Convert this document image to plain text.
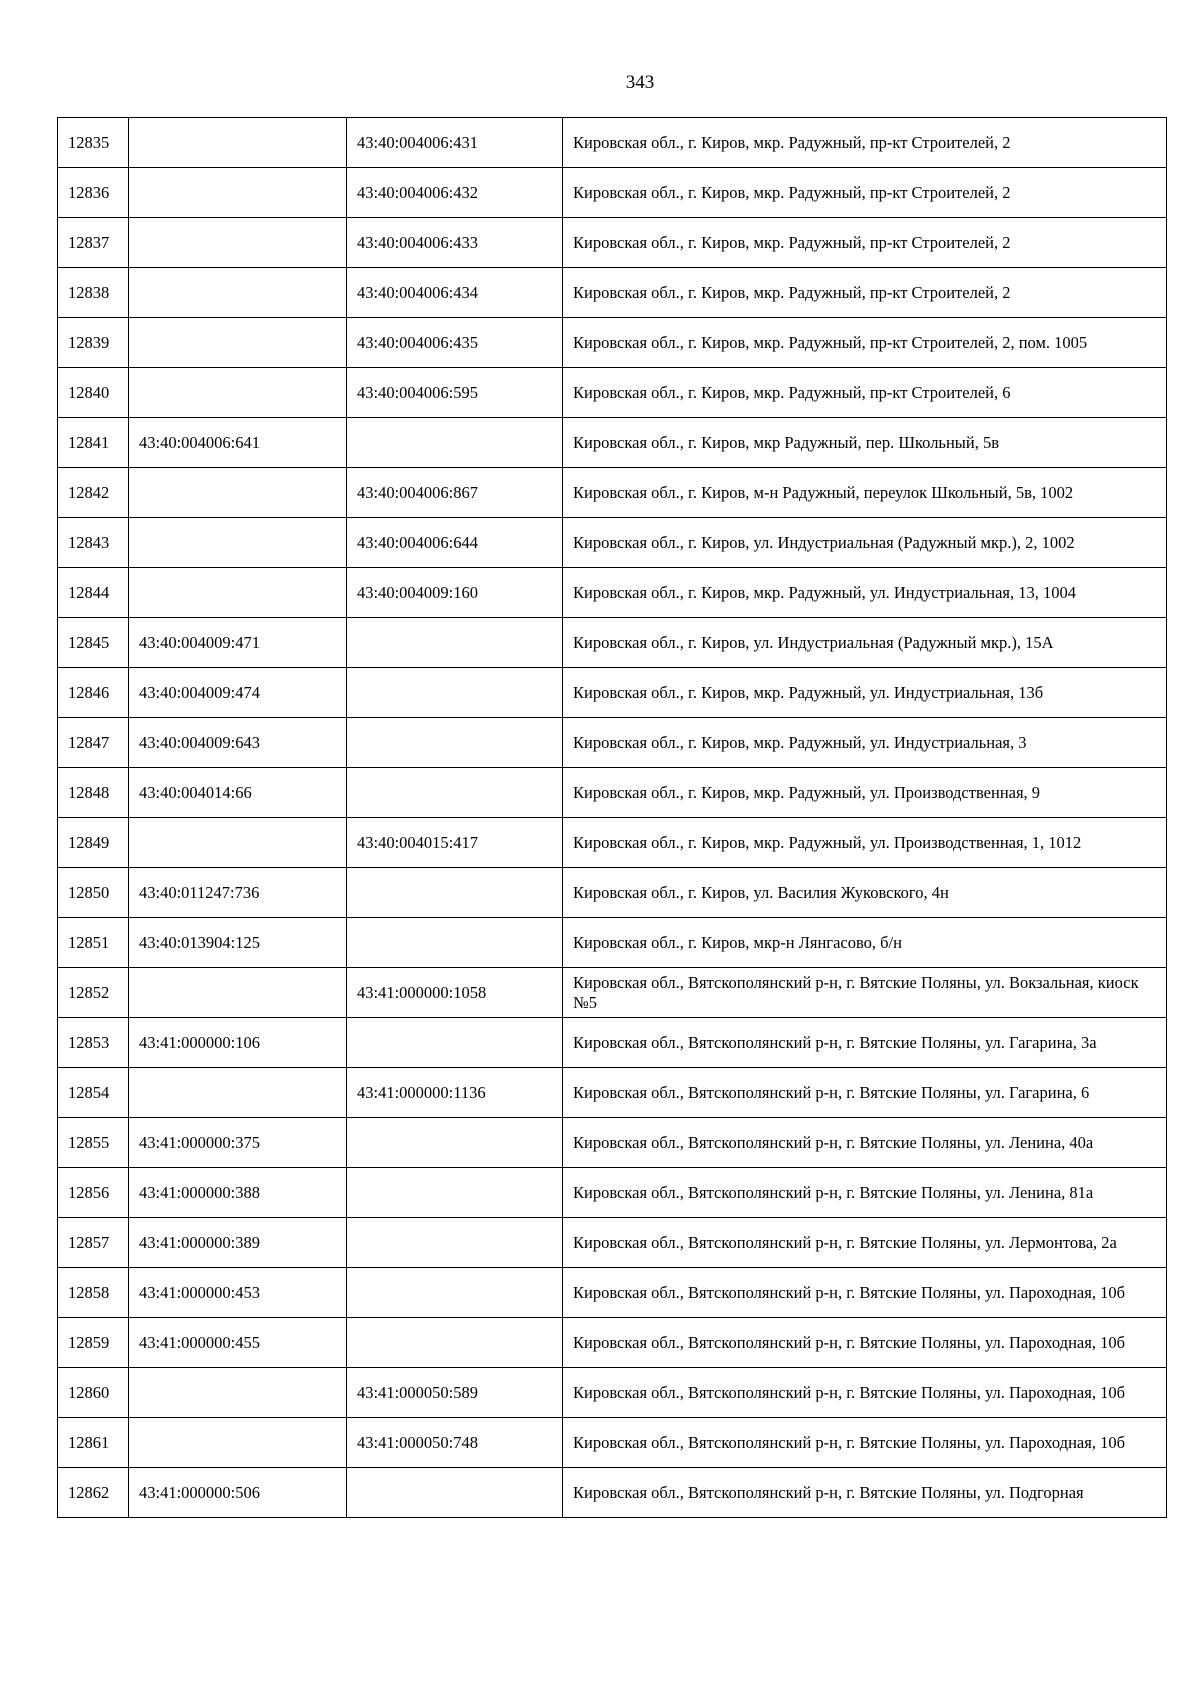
343
12835		43:40:004006:431	Кировская обл., г. Киров, мкр. Радужный, пр-кт Строителей, 2
12836		43:40:004006:432	Кировская обл., г. Киров, мкр. Радужный, пр-кт Строителей, 2
12837		43:40:004006:433	Кировская обл., г. Киров, мкр. Радужный, пр-кт Строителей, 2
12838		43:40:004006:434	Кировская обл., г. Киров, мкр. Радужный, пр-кт Строителей, 2
12839		43:40:004006:435	Кировская обл., г. Киров, мкр. Радужный, пр-кт Строителей, 2, пом. 1005
12840		43:40:004006:595	Кировская обл., г. Киров, мкр. Радужный, пр-кт Строителей, 6
12841	43:40:004006:641		Кировская обл., г. Киров, мкр Радужный, пер. Школьный, 5в
12842		43:40:004006:867	Кировская обл., г. Киров, м-н Радужный, переулок Школьный, 5в, 1002
12843		43:40:004006:644	Кировская обл., г. Киров, ул. Индустриальная (Радужный мкр.), 2, 1002
12844		43:40:004009:160	Кировская обл., г. Киров, мкр. Радужный, ул. Индустриальная, 13, 1004
12845	43:40:004009:471		Кировская обл., г. Киров, ул. Индустриальная (Радужный мкр.), 15А
12846	43:40:004009:474		Кировская обл., г. Киров, мкр. Радужный, ул. Индустриальная, 13б
12847	43:40:004009:643		Кировская обл., г. Киров, мкр. Радужный, ул. Индустриальная, 3
12848	43:40:004014:66		Кировская обл., г. Киров, мкр. Радужный, ул. Производственная, 9
12849		43:40:004015:417	Кировская обл., г. Киров, мкр. Радужный, ул. Производственная, 1, 1012
12850	43:40:011247:736		Кировская обл., г. Киров, ул. Василия Жуковского, 4н
12851	43:40:013904:125		Кировская обл., г. Киров, мкр-н Лянгасово, б/н
12852		43:41:000000:1058	Кировская обл., Вятскополянский р-н, г. Вятские Поляны, ул. Вокзальная, киоск №5
12853	43:41:000000:106		Кировская обл., Вятскополянский р-н, г. Вятские Поляны, ул. Гагарина, 3а
12854		43:41:000000:1136	Кировская обл., Вятскополянский р-н, г. Вятские Поляны, ул. Гагарина, 6
12855	43:41:000000:375		Кировская обл., Вятскополянский р-н, г. Вятские Поляны, ул. Ленина, 40а
12856	43:41:000000:388		Кировская обл., Вятскополянский р-н, г. Вятские Поляны, ул. Ленина, 81а
12857	43:41:000000:389		Кировская обл., Вятскополянский р-н, г. Вятские Поляны, ул. Лермонтова, 2а
12858	43:41:000000:453		Кировская обл., Вятскополянский р-н, г. Вятские Поляны, ул. Пароходная, 10б
12859	43:41:000000:455		Кировская обл., Вятскополянский р-н, г. Вятские Поляны, ул. Пароходная, 10б
12860		43:41:000050:589	Кировская обл., Вятскополянский р-н, г. Вятские Поляны, ул. Пароходная, 10б
12861		43:41:000050:748	Кировская обл., Вятскополянский р-н, г. Вятские Поляны, ул. Пароходная, 10б
12862	43:41:000000:506		Кировская обл., Вятскополянский р-н, г. Вятские Поляны, ул. Подгорная
